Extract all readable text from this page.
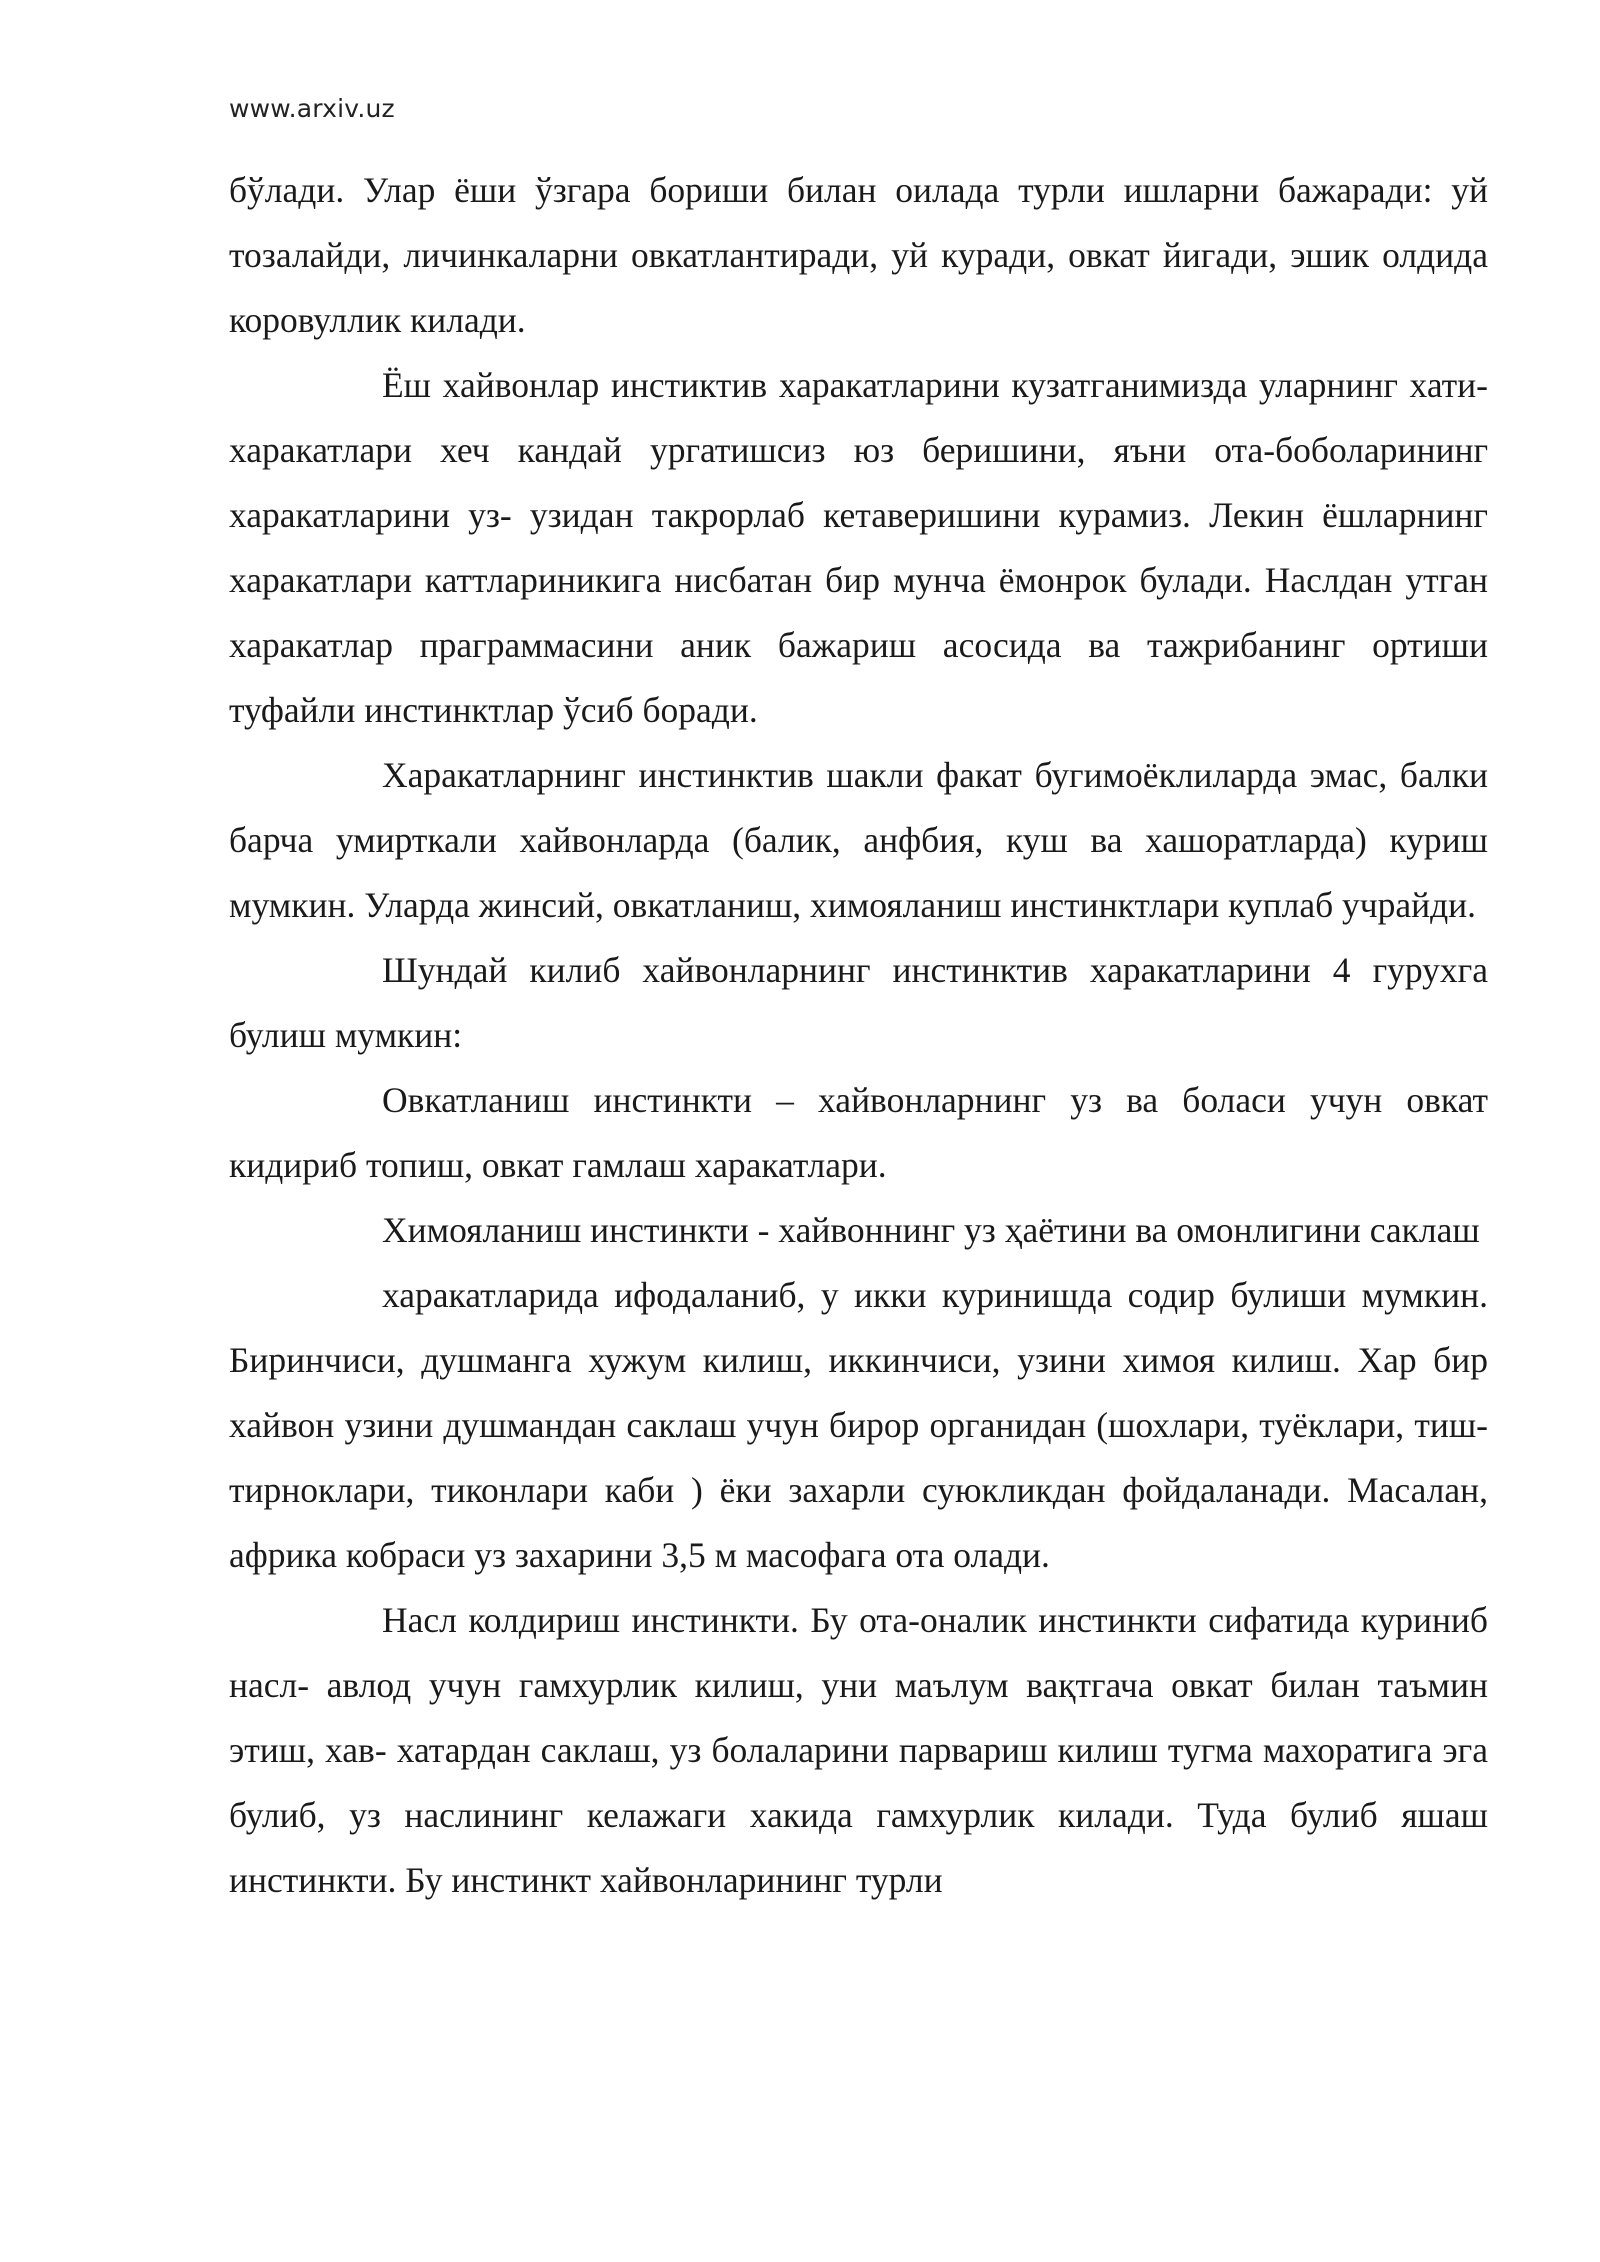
www.arxiv.uz

бўлади. Улар ёши ўзгара бориши билан оилада турли ишларни бажаради: уй тозалайди, личинкаларни овкатлантиради, уй куради, овкат йигади, эшик олдида коровуллик килади.

Ёш хайвонлар инстиктив харакатларини кузатганимизда уларнинг хати- харакатлари хеч кандай ургатишсиз юз беришини, яъни ота-боболарининг харакатларини уз- узидан такрорлаб кетаверишини курамиз. Лекин ёшларнинг харакатлари каттлариникига нисбатан бир мунча ёмонрок булади. Наслдан утган харакатлар праграммасини аник бажариш асосида ва тажрибанинг ортиши туфайли инстинктлар ўсиб боради.

Харакатларнинг инстинктив шакли факат бугимоёклиларда эмас, балки барча умирткали хайвонларда (балик, анфбия, куш ва хашоратларда) куриш мумкин. Уларда жинсий, овкатланиш, химояланиш инстинктлари куплаб учрайди.

Шундай килиб хайвонларнинг инстинктив харакатларини 4 гурухга булиш мумкин:

Овкатланиш инстинкти – хайвонларнинг уз ва боласи учун овкат кидириб топиш, овкат гамлаш харакатлари.

Химояланиш инстинкти - хайвоннинг уз ҳаётини ва омонлигини саклаш

харакатларида ифодаланиб, у икки куринишда содир булиши мумкин. Биринчиси, душманга хужум килиш, иккинчиси, узини химоя килиш. Хар бир хайвон узини душмандан саклаш учун бирор органидан (шохлари, туёклари, тиш-тирноклари, тиконлари каби ) ёки захарли суюкликдан фойдаланади. Масалан, африка кобраси уз захарини 3,5 м масофага ота олади.

Насл колдириш инстинкти. Бу ота-оналик инстинкти сифатида куриниб насл- авлод учун гамхурлик килиш, уни маълум вақтгача овкат билан таъмин этиш, хав- хатардан саклаш, уз болаларини парвариш килиш тугма махоратига эга булиб, уз наслининг келажаги хакида гамхурлик килади. Туда булиб яшаш инстинкти. Бу инстинкт хайвонларининг турли
